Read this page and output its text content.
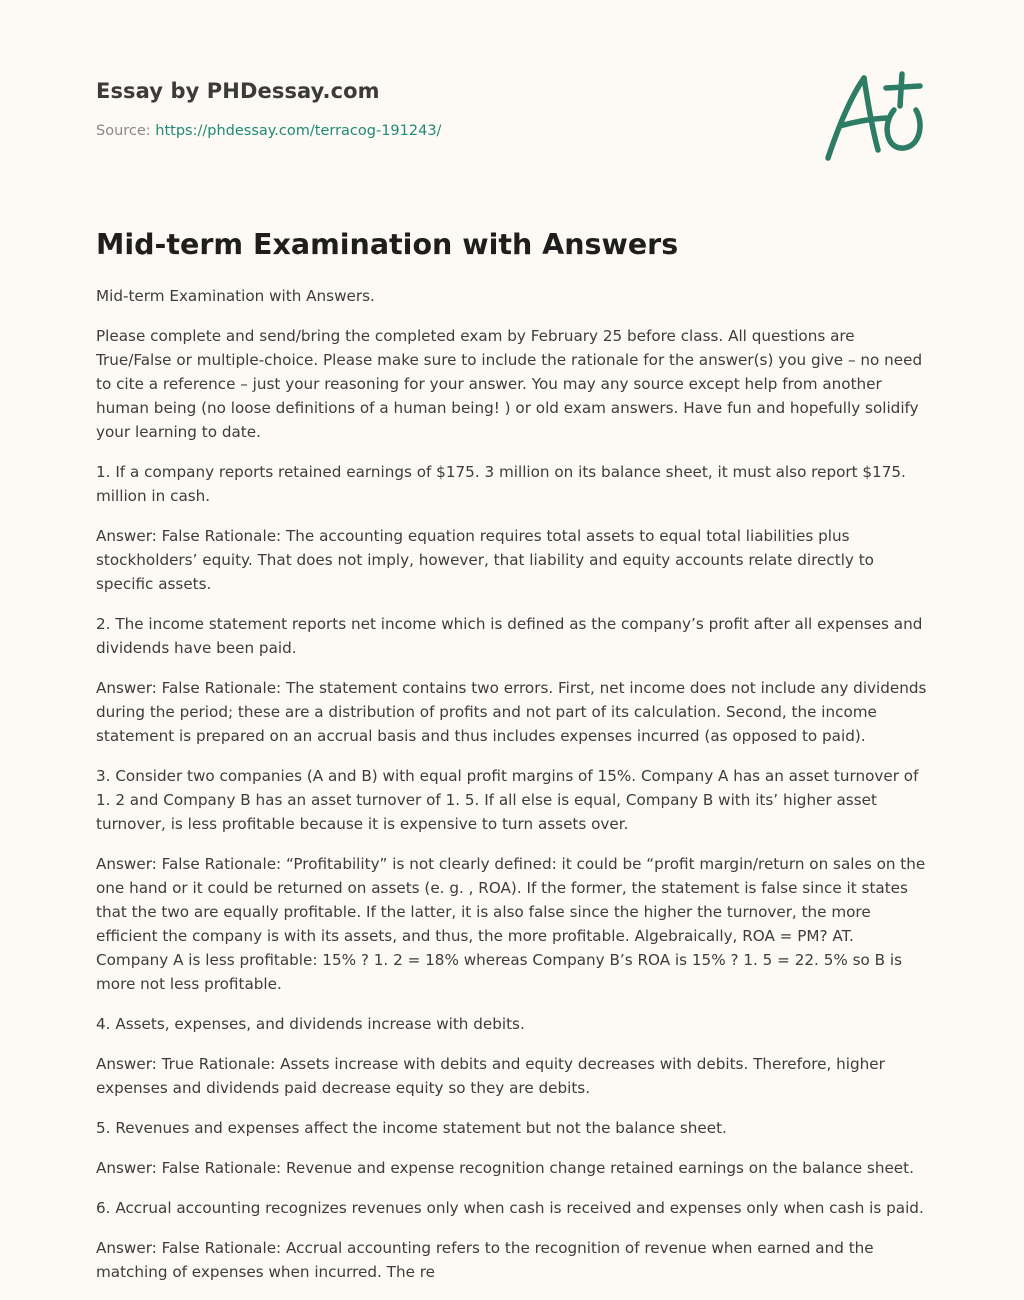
Essay by PHDessay.com
Source: https://phdessay.com/terracog-191243/
Mid-term Examination with Answers

Mid-term Examination with Answers.

Please complete and send/bring the completed exam by February 25 before class. All questions are True/False or multiple-choice. Please make sure to include the rationale for the answer(s) you give – no need to cite a reference – just your reasoning for your answer. You may any source except help from another human being (no loose definitions of a human being! ) or old exam answers. Have fun and hopefully solidify your learning to date.

1. If a company reports retained earnings of $175. 3 million on its balance sheet, it must also report $175. million in cash.

Answer: False Rationale: The accounting equation requires total assets to equal total liabilities plus stockholders’ equity. That does not imply, however, that liability and equity accounts relate directly to specific assets.

2. The income statement reports net income which is defined as the company’s profit after all expenses and dividends have been paid.

Answer: False Rationale: The statement contains two errors. First, net income does not include any dividends during the period; these are a distribution of profits and not part of its calculation. Second, the income statement is prepared on an accrual basis and thus includes expenses incurred (as opposed to paid).

3. Consider two companies (A and B) with equal profit margins of 15%. Company A has an asset turnover of 1. 2 and Company B has an asset turnover of 1. 5. If all else is equal, Company B with its’ higher asset turnover, is less profitable because it is expensive to turn assets over.

Answer: False Rationale: “Profitability” is not clearly defined: it could be “profit margin/return on sales on the one hand or it could be returned on assets (e. g. , ROA). If the former, the statement is false since it states that the two are equally profitable. If the latter, it is also false since the higher the turnover, the more efficient the company is with its assets, and thus, the more profitable. Algebraically, ROA = PM? AT. Company A is less profitable: 15% ? 1. 2 = 18% whereas Company B’s ROA is 15% ? 1. 5 = 22. 5% so B is more not less profitable.

4. Assets, expenses, and dividends increase with debits.

Answer: True Rationale: Assets increase with debits and equity decreases with debits. Therefore, higher expenses and dividends paid decrease equity so they are debits.

5. Revenues and expenses affect the income statement but not the balance sheet.

Answer: False Rationale: Revenue and expense recognition change retained earnings on the balance sheet.

6. Accrual accounting recognizes revenues only when cash is received and expenses only when cash is paid.

Answer: False Rationale: Accrual accounting refers to the recognition of revenue when earned and the matching of expenses when incurred. The re
